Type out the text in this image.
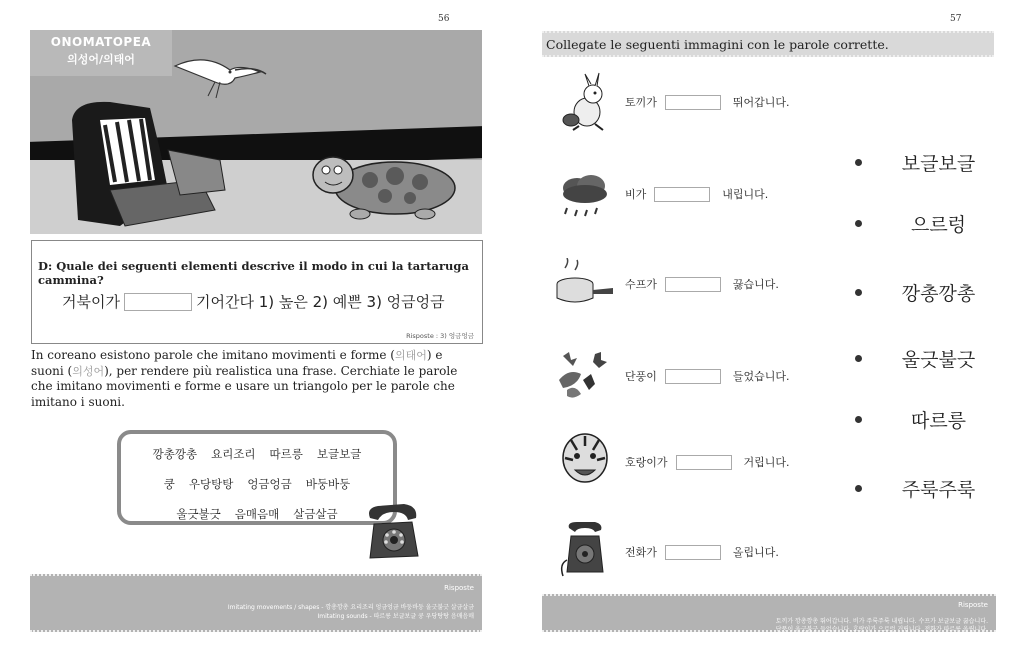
56
ONOMATOPEA
의성어/의태어
D: Quale dei seguenti elementi descrive il modo in cui la tartaruga cammina?
거북이가	기어간다 1) 높은 2) 예쁜 3) 엉금엉금
Risposte : 3) 엉금엉금
In coreano esistono parole che imitano movimenti e forme (의태어) e suoni (의성어), per rendere più realistica una frase. Cerchiate le parole che imitano movimenti e forme e usare un triangolo per le parole che imitano i suoni.
깡총깡총 요리조리 따르릉 보글보글
쿵 우당탕탕 엉금엉금 바둥바둥
울긋불긋 음매음매 살금살금
Risposte
Imitating movements / shapes - 깡총깡총 요리조리 엉금엉금 바둥바둥 울긋불긋 살금살금
Imitating sounds - 따르릉 보글보글 쿵 우당탕탕 음매음매
57
Collegate le seguenti immagini con le parole corrette.
토끼가	뛰어갑니다.
비가	내립니다.
수프가	끓습니다.
단풍이	들었습니다.
호랑이가	거립니다.
전화가	올립니다.
보글보글
으르렁
깡총깡총
울긋불긋
따르릉
주룩주룩
Risposte
토끼가 깡총깡총 뛰어갑니다. 비가 주룩주룩 내립니다. 수프가 보글보글 끓습니다.
단풍이 울긋불긋 들었습니다. 호랑이가 으르렁 거립니다. 전화가 따르릉 올립니다.
